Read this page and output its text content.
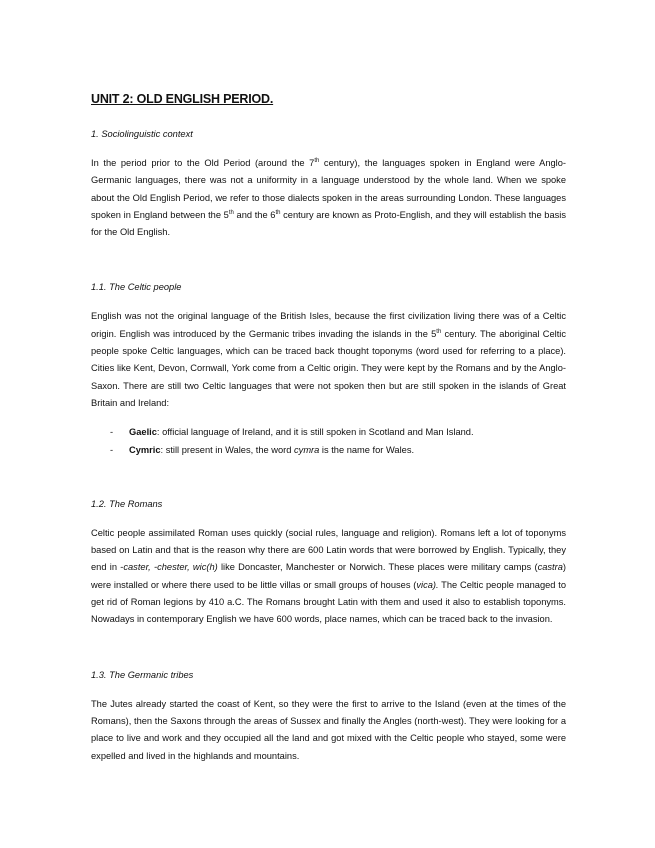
UNIT 2: OLD ENGLISH PERIOD.
1. Sociolinguistic context

In the period prior to the Old Period (around the 7th century), the languages spoken in England were Anglo-Germanic languages, there was not a uniformity in a language understood by the whole land. When we spoke about the Old English Period, we refer to those dialects spoken in the areas surrounding London. These languages spoken in England between the 5th and the 6th century are known as Proto-English, and they will establish the basis for the Old English.

1.1. The Celtic people

English was not the original language of the British Isles, because the first civilization living there was of a Celtic origin. English was introduced by the Germanic tribes invading the islands in the 5th century. The aboriginal Celtic people spoke Celtic languages, which can be traced back thought toponyms (word used for referring to a place). Cities like Kent, Devon, Cornwall, York come from a Celtic origin. They were kept by the Romans and by the Anglo-Saxon. There are still two Celtic languages that were not spoken then but are still spoken in the islands of Great Britain and Ireland:

- Gaelic: official language of Ireland, and it is still spoken in Scotland and Man Island.
- Cymric: still present in Wales, the word cymra is the name for Wales.
1.2. The Romans

Celtic people assimilated Roman uses quickly (social rules, language and religion). Romans left a lot of toponyms based on Latin and that is the reason why there are 600 Latin words that were borrowed by English. Typically, they end in -caster, -chester, wic(h) like Doncaster, Manchester or Norwich. These places were military camps (castra) were installed or where there used to be little villas or small groups of houses (vica). The Celtic people managed to get rid of Roman legions by 410 a.C. The Romans brought Latin with them and used it also to establish toponyms. Nowadays in contemporary English we have 600 words, place names, which can be traced back to the invasion.

1.3. The Germanic tribes

The Jutes already started the coast of Kent, so they were the first to arrive to the Island (even at the times of the Romans), then the Saxons through the areas of Sussex and finally the Angles (north-west). They were looking for a place to live and work and they occupied all the land and got mixed with the Celtic people who stayed, some were expelled and lived in the highlands and mountains.
